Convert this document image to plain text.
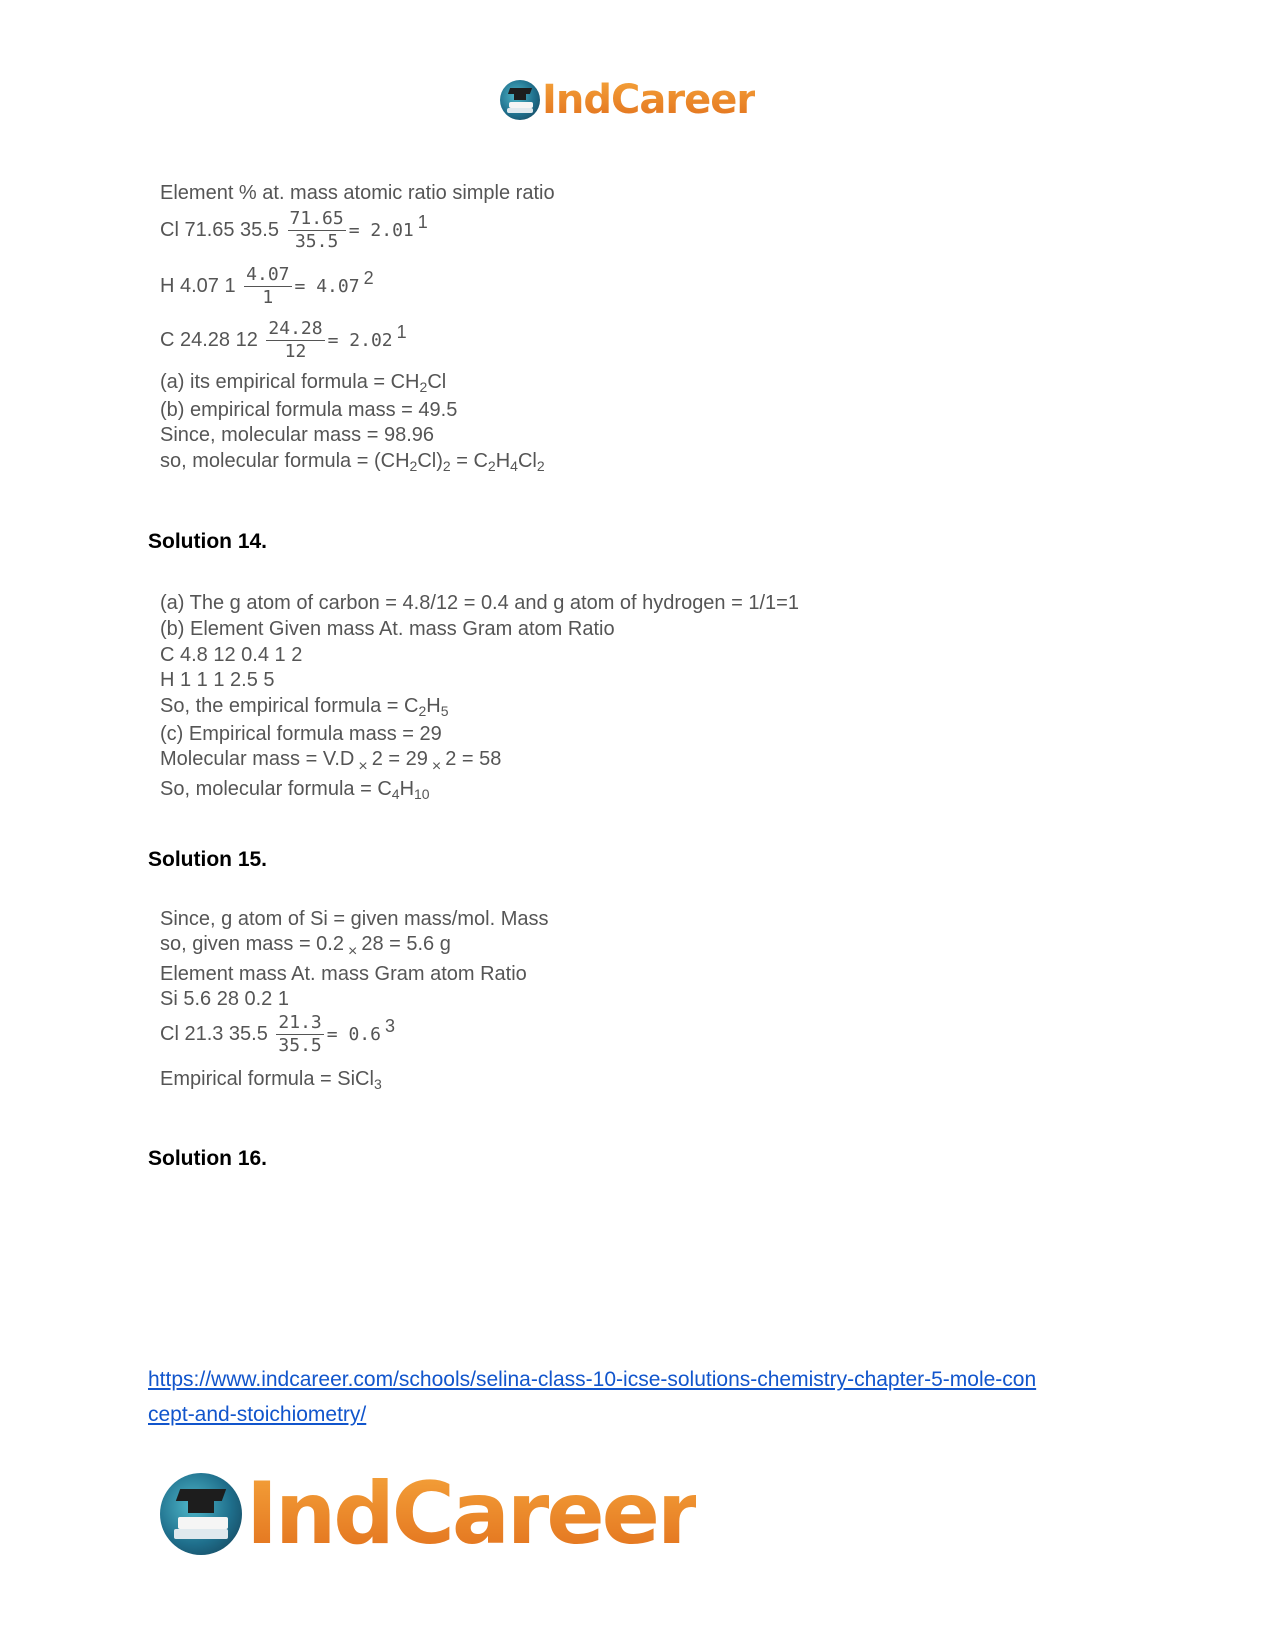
IndCareer
Element % at. mass atomic ratio simple ratio
Cl 71.65 $35.5 \frac{71.65}{35.5} = 2.01$ $^1$
H 4.07 $1 \frac{4.07}{1} = 4.07$ $^2$
C 24.28 $12 \frac{24.28}{12} = 2.02$ $^1$
(a) its empirical formula = $CH_2Cl$
(b) empirical formula mass = 49.5
Since, molecular mass = 98.96
so, molecular formula = $(CH_2Cl)_2 = C_2H_4Cl_2$
Solution 14.
(a) The g atom of carbon = 4.8/12 = 0.4 and g atom of hydrogen = 1/1=1
(b) Element Given mass At. mass Gram atom Ratio
C 4.8 12 0.4 1 2
H 1 1 1 2.5 5
So, the empirical formula = $C_2H_5$
(c) Empirical formula mass = 29
Molecular mass = V.D $_\times$ 2 = 29 $_\times$ 2 = 58
So, molecular formula = $C_4H_{10}$
Solution 15.
Since, g atom of Si = given mass/mol. Mass
so, given mass = 0.2 $_\times$ 28 = 5.6 g
Element mass At. mass Gram atom Ratio
Si 5.6 28 0.2 1
Cl 21.3 $35.5 \frac{21.3}{35.5} = 0.6$ $^3$
Empirical formula = SiCl$_3$
Solution 16.
https://www.indcareer.com/schools/selina-class-10-icse-solutions-chemistry-chapter-5-mole-con
cept-and-stoichiometry/
IndCareer
